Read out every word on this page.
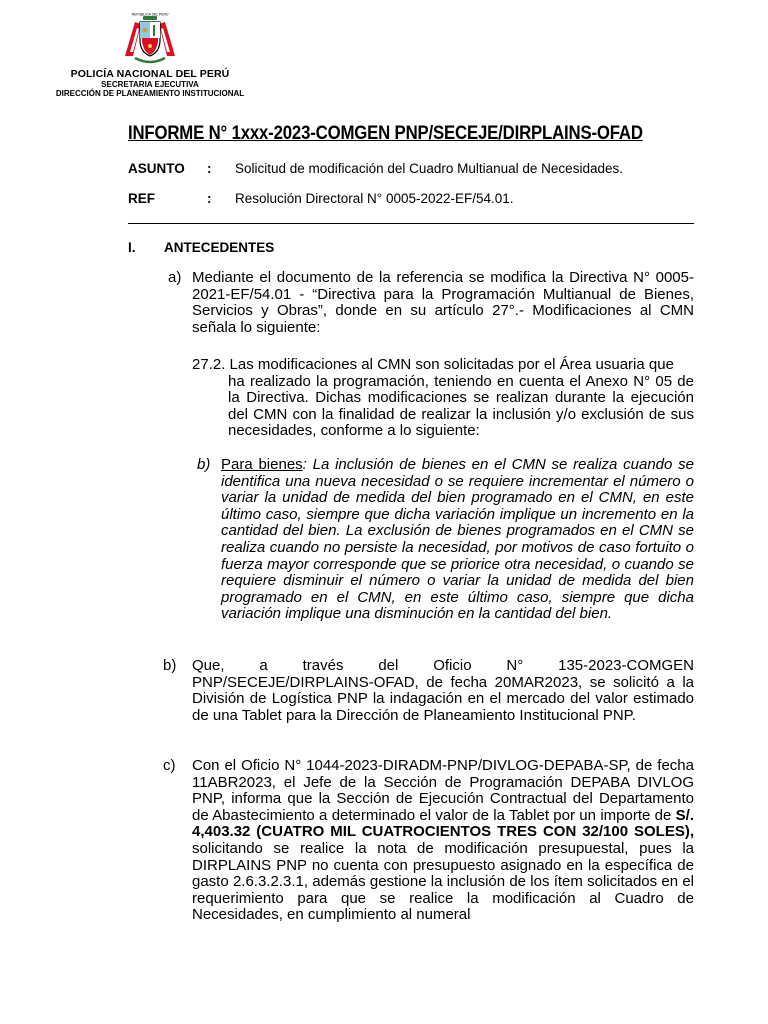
REPÚBLICA DEL PERÚ
POLICÍA NACIONAL DEL PERÚ
SECRETARIA EJECUTIVA
DIRECCIÓN DE PLANEAMIENTO INSTITUCIONAL
INFORME N° 1xxx-2023-COMGEN PNP/SECEJE/DIRPLAINS-OFAD
ASUNTO : Solicitud de modificación del Cuadro Multianual de Necesidades.
REF	: Resolución Directoral N° 0005-2022-EF/54.01.
I. ANTECEDENTES
a) Mediante el documento de la referencia se modifica la Directiva N° 0005-2021-EF/54.01 - “Directiva para la Programación Multianual de Bienes, Servicios y Obras”, donde en su artículo 27°.- Modificaciones al CMN señala lo siguiente:
27.2. Las modificaciones al CMN son solicitadas por el Área usuaria que
ha realizado la programación, teniendo en cuenta el Anexo N° 05 de la Directiva. Dichas modificaciones se realizan durante la ejecución del CMN con la finalidad de realizar la inclusión y/o exclusión de sus necesidades, conforme a lo siguiente:
b) Para bienes: La inclusión de bienes en el CMN se realiza cuando se identifica una nueva necesidad o se requiere incrementar el número o variar la unidad de medida del bien programado en el CMN, en este último caso, siempre que dicha variación implique un incremento en la cantidad del bien. La exclusión de bienes programados en el CMN se realiza cuando no persiste la necesidad, por motivos de caso fortuito o fuerza mayor corresponde que se priorice otra necesidad, o cuando se requiere disminuir el número o variar la unidad de medida del bien programado en el CMN, en este último caso, siempre que dicha variación implique una disminución en la cantidad del bien.
b) Que, a través del Oficio N° 135-2023-COMGEN PNP/SECEJE/DIRPLAINS-OFAD, de fecha 20MAR2023, se solicitó a la División de Logística PNP la indagación en el mercado del valor estimado de una Tablet para la Dirección de Planeamiento Institucional PNP.
c) Con el Oficio N° 1044-2023-DIRADM-PNP/DIVLOG-DEPABA-SP, de fecha 11ABR2023, el Jefe de la Sección de Programación DEPABA DIVLOG PNP, informa que la Sección de Ejecución Contractual del Departamento de Abastecimiento a determinado el valor de la Tablet por un importe de S/. 4,403.32 (CUATRO MIL CUATROCIENTOS TRES CON 32/100 SOLES), solicitando se realice la nota de modificación presupuestal, pues la DIRPLAINS PNP no cuenta con presupuesto asignado en la específica de gasto 2.6.3.2.3.1, además gestione la inclusión de los ítem solicitados en el requerimiento para que se realice la modificación al Cuadro de Necesidades, en cumplimiento al numeral
